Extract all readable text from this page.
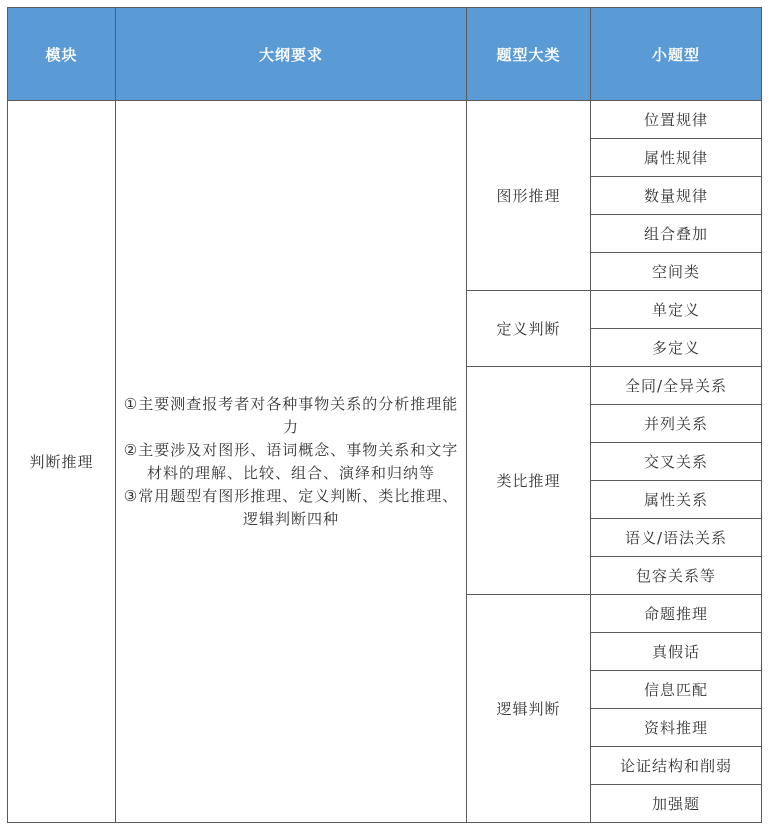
模块	大纲要求	题型大类	小题型
判断推理	①主要测查报考者对各种事物关系的分析推理能力
②主要涉及对图形、语词概念、事物关系和文字材料的理解、比较、组合、演绎和归纳等
③常用题型有图形推理、定义判断、类比推理、逻辑判断四种	图形推理	位置规律
			属性规律
			数量规律
			组合叠加
			空间类
		定义判断	单定义
			多定义
		类比推理	全同/全异关系
			并列关系
			交叉关系
			属性关系
			语义/语法关系
			包容关系等
		逻辑判断	命题推理
			真假话
			信息匹配
			资料推理
			论证结构和削弱
			加强题
